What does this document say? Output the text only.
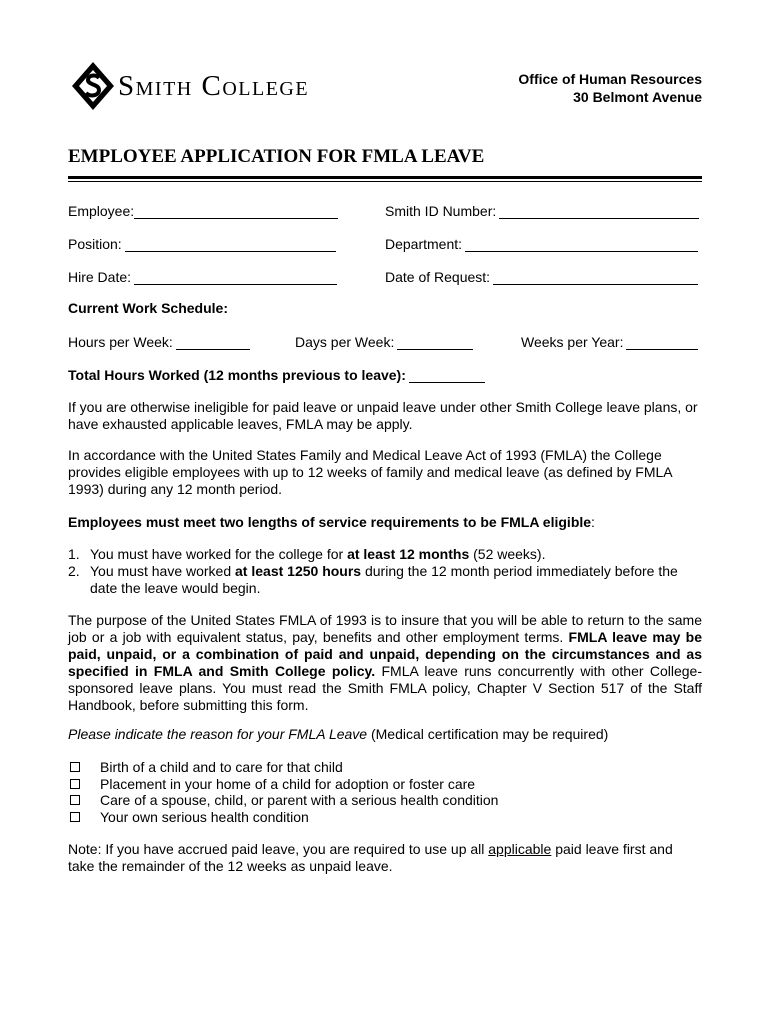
Smith College	Office of Human Resources
30 Belmont Avenue
EMPLOYEE APPLICATION FOR FMLA LEAVE
Employee:	Smith ID Number:
Position:	Department:
Hire Date:	Date of Request:
Current Work Schedule:
Hours per Week:	Days per Week:	Weeks per Year:
Total Hours Worked (12 months previous to leave):
If you are otherwise ineligible for paid leave or unpaid leave under other Smith College leave plans, or have exhausted applicable leaves, FMLA may be apply.
In accordance with the United States Family and Medical Leave Act of 1993 (FMLA) the College provides eligible employees with up to 12 weeks of family and medical leave (as defined by FMLA 1993) during any 12 month period.
Employees must meet two lengths of service requirements to be FMLA eligible:
1. You must have worked for the college for at least 12 months (52 weeks).
2. You must have worked at least 1250 hours during the 12 month period immediately before the date the leave would begin.
The purpose of the United States FMLA of 1993 is to insure that you will be able to return to the same job or a job with equivalent status, pay, benefits and other employment terms. FMLA leave may be paid, unpaid, or a combination of paid and unpaid, depending on the circumstances and as specified in FMLA and Smith College policy. FMLA leave runs concurrently with other College-sponsored leave plans. You must read the Smith FMLA policy, Chapter V Section 517 of the Staff Handbook, before submitting this form.
Please indicate the reason for your FMLA Leave (Medical certification may be required)
Birth of a child and to care for that child
Placement in your home of a child for adoption or foster care
Care of a spouse, child, or parent with a serious health condition
Your own serious health condition
Note: If you have accrued paid leave, you are required to use up all applicable paid leave first and take the remainder of the 12 weeks as unpaid leave.
